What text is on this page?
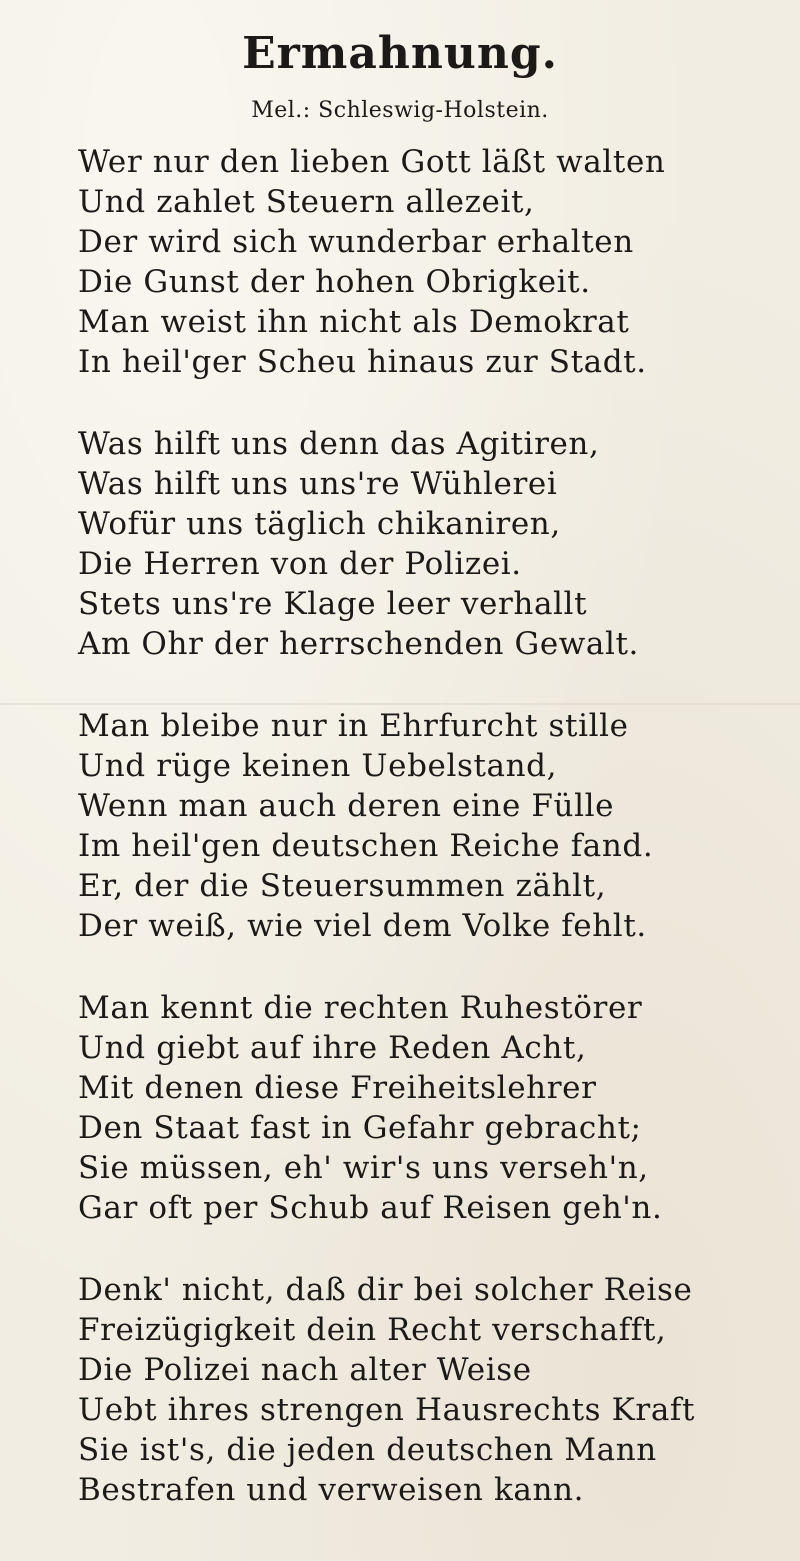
Ermahnung.
Mel.: Schleswig-Holstein.
Wer nur den lieben Gott läßt walten
Und zahlet Steuern allezeit,
Der wird sich wunderbar erhalten
Die Gunst der hohen Obrigkeit.
Man weist ihn nicht als Demokrat
In heil'ger Scheu hinaus zur Stadt.
Was hilft uns denn das Agitiren,
Was hilft uns uns're Wühlerei
Wofür uns täglich chikaniren,
Die Herren von der Polizei.
Stets uns're Klage leer verhallt
Am Ohr der herrschenden Gewalt.
Man bleibe nur in Ehrfurcht stille
Und rüge keinen Uebelstand,
Wenn man auch deren eine Fülle
Im heil'gen deutschen Reiche fand.
Er, der die Steuersummen zählt,
Der weiß, wie viel dem Volke fehlt.
Man kennt die rechten Ruhestörer
Und giebt auf ihre Reden Acht,
Mit denen diese Freiheitslehrer
Den Staat fast in Gefahr gebracht;
Sie müssen, eh' wir's uns verseh'n,
Gar oft per Schub auf Reisen geh'n.
Denk' nicht, daß dir bei solcher Reise
Freizügigkeit dein Recht verschafft,
Die Polizei nach alter Weise
Uebt ihres strengen Hausrechts Kraft
Sie ist's, die jeden deutschen Mann
Bestrafen und verweisen kann.
